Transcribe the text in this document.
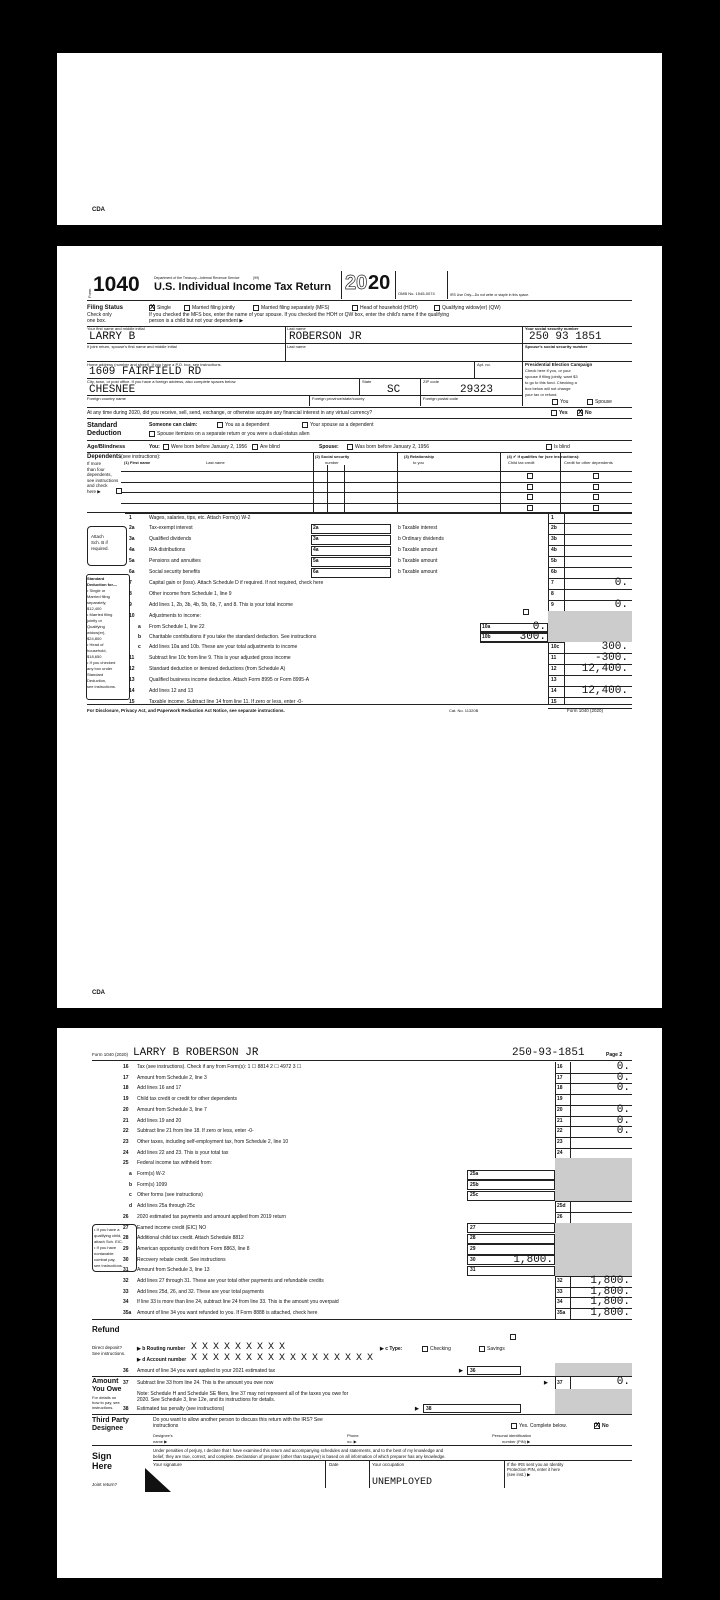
CDA
Form 1040	Department of the Treasury—Internal Revenue Service	(99)
U.S. Individual Income Tax Return 20 20 OMB No. 1545-0074	IRS Use Only—Do not write or staple in this space.
Filing Status
Check only
one box.
X
Single	Married filing jointly	Married filing separately (MFS)	Head of household (HOH)	Qualifying widow(er) (QW)
If you checked the MFS box, enter the name of your spouse. If you checked the HOH or QW box, enter the child's name if the qualifying
person is a child but not your dependent ▶
Your first name and middle initial	Last name	Your social security number
LARRY B	ROBERSON JR	250 93 1851
If joint return, spouse's first name and middle initial	Last name	Spouse's social security number
Home address (number and street). If you have a P.O. box, see instructions.	Apt. no.
1609 FAIRFIELD RD
City, town, or post office. If you have a foreign address, also complete spaces below.	State	ZIP code
CHESNEE	SC	29323
Foreign country name	Foreign province/state/county	Foreign postal code
Presidential Election Campaign
Check here if you, or your
spouse if filing jointly, want $3
to go to this fund. Checking a
box below will not change
your tax or refund.
You	Spouse
At any time during 2020, did you receive, sell, send, exchange, or otherwise acquire any financial interest in any virtual currency?	Yes X	No
Standard
Deduction
Someone can claim:	You as a dependent	Your spouse as a dependent
Spouse itemizes on a separate return or you were a dual-status alien
Age/Blindness	You: Were born before January 2, 1956	Are blind	Spouse:	Was born before January 2, 1956	Is blind
Dependents (see instructions):
(1) First name	Last name
(2) Social security
number
(3) Relationship
to you
(4) ✔ if qualifies for (see instructions):
Child tax credit	Credit for other dependents
For Disclosure, Privacy Act, and Paperwork Reduction Act Notice, see separate instructions.	Cat. No. 11320B	Form 1040 (2020)
CDA
If more
than four
dependents,
see instructions
and check
here ▶
Attach
Sch. B if
required.
Standard
Deduction for—
• Single or
Married filing
separately,
$12,400
• Married filing
jointly or
Qualifying
widow(er),
$24,800
• Head of
household,
$18,650
• If you checked
any box under
Standard
Deduction,
see instructions.
1	Wages, salaries, tips, etc. Attach Form(s) W-2	1
2a	Tax-exempt interest	2a	b Taxable interest	2b
3a	Qualified dividends	3a	b Ordinary dividends	3b
4a	IRA distributions	4a	b Taxable amount	4b
5a	Pensions and annuities	5a	b Taxable amount	5b
6a	Social security benefits	6a	b Taxable amount	6b
7	Capital gain or (loss). Attach Schedule D if required. If not required, check here	7	0.
8	Other income from Schedule 1, line 9	8
9	Add lines 1, 2b, 3b, 4b, 5b, 6b, 7, and 8. This is your total income	9	0.
10	Adjustments to income:
a	From Schedule 1, line 22	10a	0.
b	Charitable contributions if you take the standard deduction. See instructions	10b	300.
c	Add lines 10a and 10b. These are your total adjustments to income	10c	300.
11	Subtract line 10c from line 9. This is your adjusted gross income	11	-300.
12	Standard deduction or itemized deductions (from Schedule A)	12	12,400.
13	Qualified business income deduction. Attach Form 8995 or Form 8995-A	13
14	Add lines 12 and 13	14	12,400.
15	Taxable income. Subtract line 14 from line 11. If zero or less, enter -0-	15
Form 1040 (2020) LARRY B ROBERSON JR	250-93-1851	Page 2
Refund
Direct deposit?
See instructions.
▶ b Routing number X X X X X X X X X	▶ c Type:	Checking	Savings
▶ d Account number X X X X X X X X X X X X X X X X X
36	Amount of line 34 you want applied to your 2021 estimated tax	▶ 36
Amount
You Owe
For details on
how to pay, see
instructions.
37	Subtract line 33 from line 24. This is the amount you owe now	▶ 37	0.
Note: Schedule H and Schedule SE filers, line 37 may not represent all of the taxes you owe for
2020. See Schedule 3, line 12e, and its instructions for details.
38	Estimated tax penalty (see instructions)	▶ 38
Third Party
Designee
Do you want to allow another person to discuss this return with the IRS? See
instructions	Yes. Complete below. X	No
Designee's
name ▶
Phone
no. ▶
Personal identification
number (PIN) ▶
Sign
Here
Under penalties of perjury, I declare that I have examined this return and accompanying schedules and statements, and to the best of my knowledge and
belief, they are true, correct, and complete. Declaration of preparer (other than taxpayer) is based on all information of which preparer has any knowledge.
Your signature	Date	Your occupation
UNEMPLOYED
If the IRS sent you an Identity
Protection PIN, enter it here
(see inst.) ▶
Joint return?
• If you have a
qualifying child,
attach Sch. EIC.
• If you have
nontaxable
combat pay,
see instructions.
16	Tax (see instructions). Check if any from Form(s): 1 ☐ 8814 2 ☐ 4972 3 ☐	16	0.
17	Amount from Schedule 2, line 3	17	0.
18	Add lines 16 and 17	18	0.
19	Child tax credit or credit for other dependents	19
20	Amount from Schedule 3, line 7	20	0.
21	Add lines 19 and 20	21	0.
22	Subtract line 21 from line 18. If zero or less, enter -0-	22	0.
23	Other taxes, including self-employment tax, from Schedule 2, line 10	23
24	Add lines 22 and 23. This is your total tax	24
25	Federal income tax withheld from:
a	Form(s) W-2	25a
b Form(s) 1099	25b
c	Other forms (see instructions)	25c
d Add lines 25a through 25c	25d
26	2020 estimated tax payments and amount applied from 2019 return	26
27	Earned income credit (EIC) NO	27
28	Additional child tax credit. Attach Schedule 8812	28
29	American opportunity credit from Form 8863, line 8	29
30	Recovery rebate credit. See instructions	30	1,800.
31	Amount from Schedule 3, line 13	31
32	Add lines 27 through 31. These are your total other payments and refundable credits	32	1,800.
33	Add lines 25d, 26, and 32. These are your total payments	33	1,800.
34	If line 33 is more than line 24, subtract line 24 from line 33. This is the amount you overpaid	34	1,800.
35a	Amount of line 34 you want refunded to you. If Form 8888 is attached, check here	35a	1,800.
